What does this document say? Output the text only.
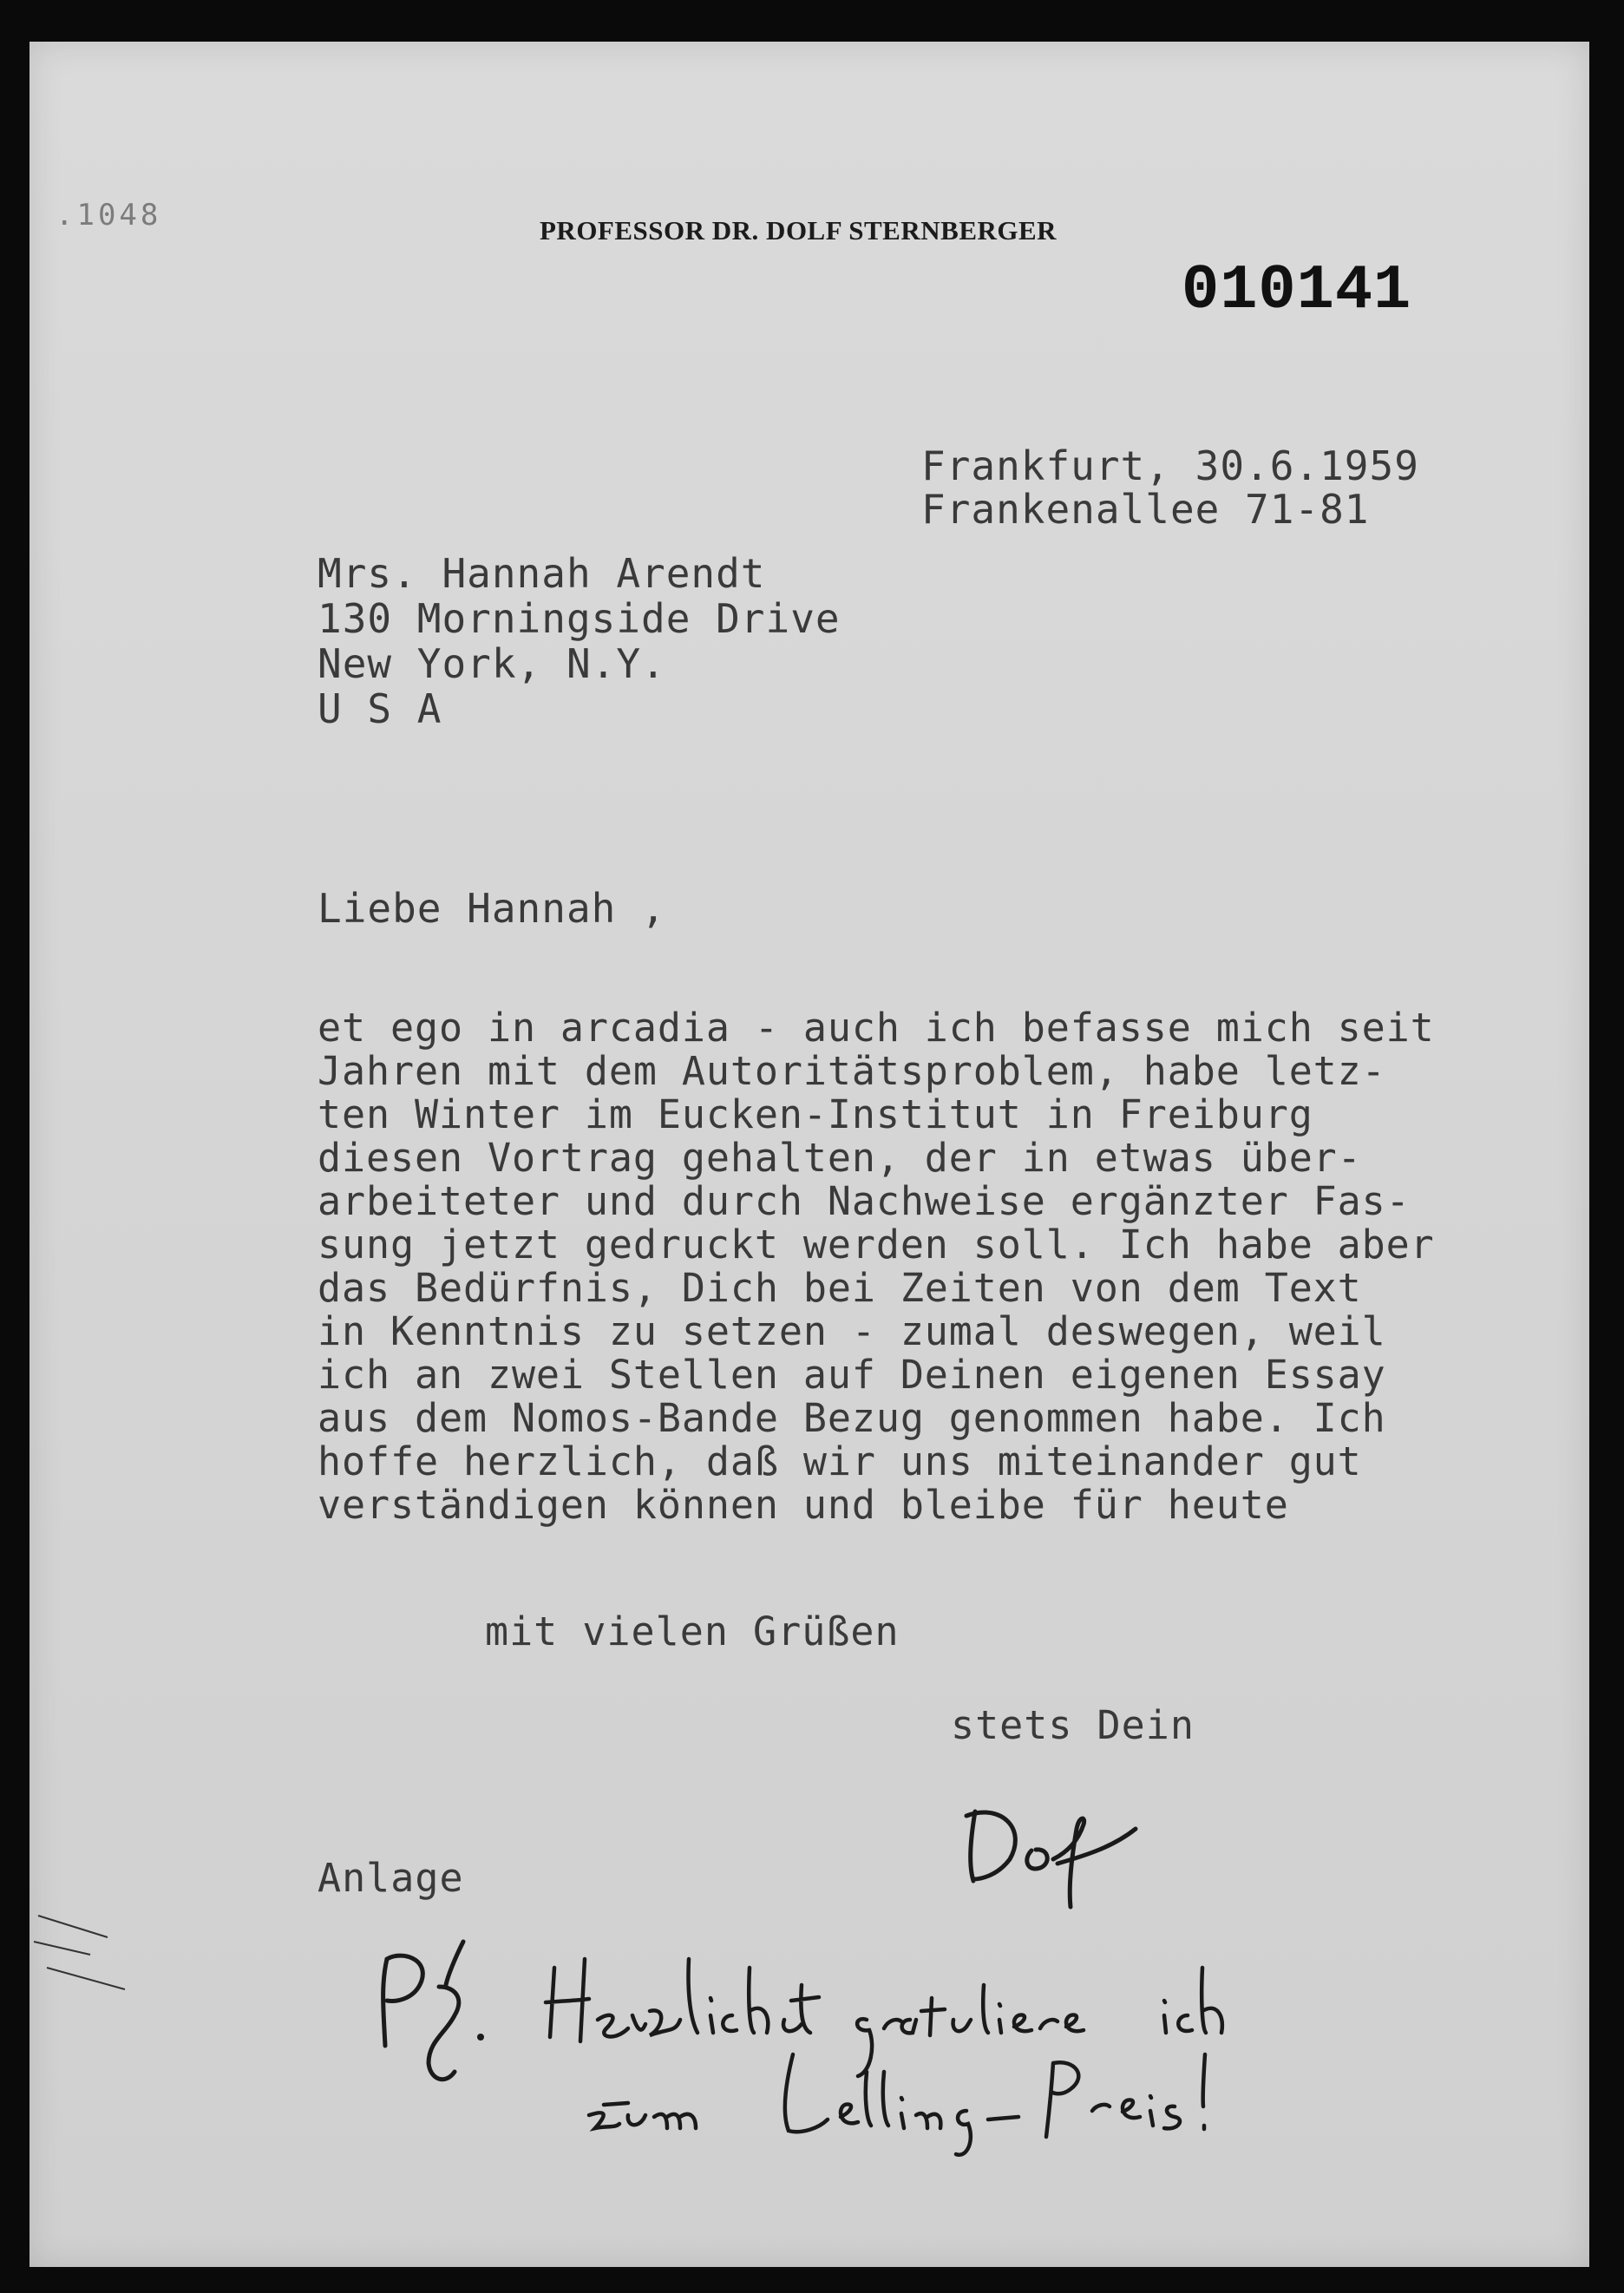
.1048	PROFESSOR DR. DOLF STERNBERGER
010141
Frankfurt, 30.6.1959
Frankenallee 71-81
Mrs. Hannah Arendt
130 Morningside Drive
New York, N.Y.
U S A
Liebe Hannah ,
et ego in arcadia - auch ich befasse mich seit
Jahren mit dem Autoritätsproblem, habe letz-
ten Winter im Eucken-Institut in Freiburg
diesen Vortrag gehalten, der in etwas über-
arbeiteter und durch Nachweise ergänzter Fas-
sung jetzt gedruckt werden soll. Ich habe aber
das Bedürfnis, Dich bei Zeiten von dem Text
in Kenntnis zu setzen - zumal deswegen, weil
ich an zwei Stellen auf Deinen eigenen Essay
aus dem Nomos-Bande Bezug genommen habe. Ich
hoffe herzlich, daß wir uns miteinander gut
verständigen können und bleibe für heute
mit vielen Grüßen
stets Dein
Anlage
